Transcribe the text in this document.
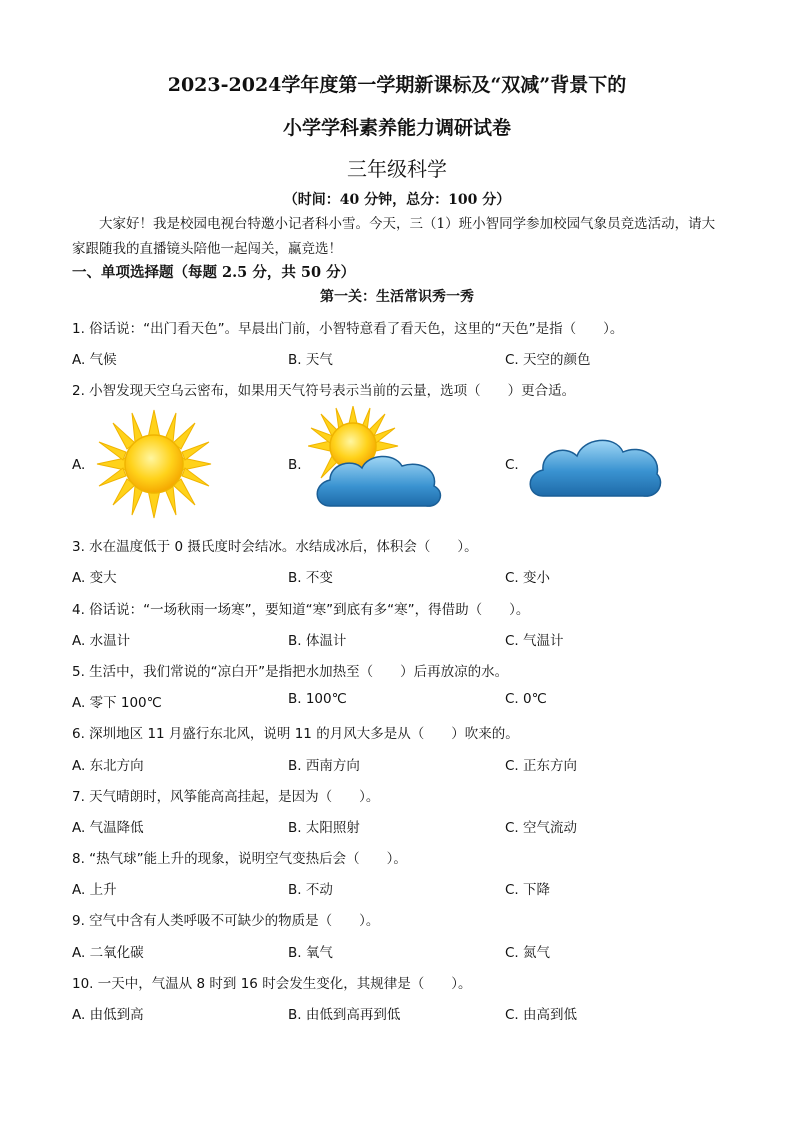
2023-2024学年度第一学期新课标及“双减”背景下的
小学学科素养能力调研试卷
三年级科学
（时间：40 分钟，总分：100 分）
大家好！我是校园电视台特邀小记者科小雪。今天，三（1）班小智同学参加校园气象员竞选活动，请大家跟随我的直播镜头陪他一起闯关，赢竞选！
一、单项选择题（每题 2.5 分，共 50 分）
第一关：生活常识秀一秀
1. 俗话说：“出门看天色”。早晨出门前，小智特意看了看天色，这里的“天色”是指（　　）。
A. 气候	B. 天气	C. 天空的颜色
2. 小智发现天空乌云密布，如果用天气符号表示当前的云量，选项（　　）更合适。
A.	B.	C.
3. 水在温度低于 0 摄氏度时会结冰。水结成冰后，体积会（　　）。
A. 变大	B. 不变	C. 变小
4. 俗话说：“一场秋雨一场寒”，要知道“寒”到底有多“寒”，得借助（　　）。
A. 水温计	B. 体温计	C. 气温计
5. 生活中，我们常说的“凉白开”是指把水加热至（　　）后再放凉的水。
A. 零下 100℃	B. 100℃	C. 0℃
6. 深圳地区 11 月盛行东北风，说明 11 的月风大多是从（　　）吹来的。
A. 东北方向	B. 西南方向	C. 正东方向
7. 天气晴朗时，风筝能高高挂起，是因为（　　）。
A. 气温降低	B. 太阳照射	C. 空气流动
8. “热气球”能上升的现象，说明空气变热后会（　　）。
A. 上升	B. 不动	C. 下降
9. 空气中含有人类呼吸不可缺少的物质是（　　）。
A. 二氧化碳	B. 氧气	C. 氮气
10. 一天中，气温从 8 时到 16 时会发生变化，其规律是（　　）。
A. 由低到高	B. 由低到高再到低	C. 由高到低
